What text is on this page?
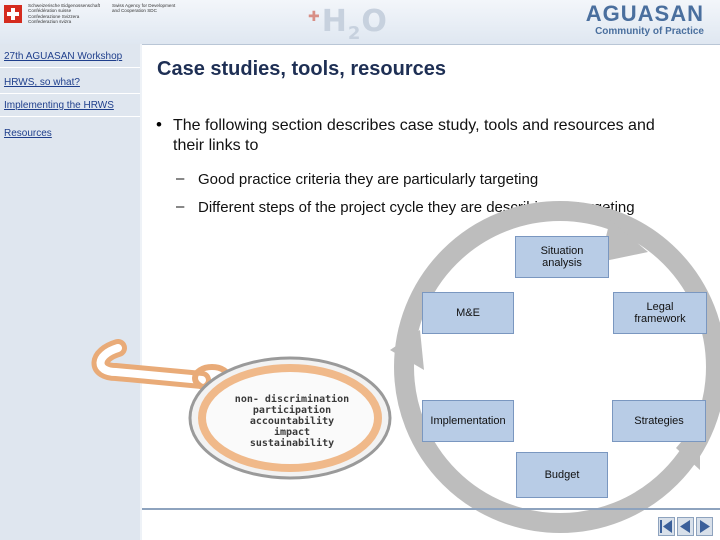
Schweizerische Eidgenossenschaft
Confédération suisse
Confederazione Svizzera
Confederaziun svizra
Swiss Agency for Development
and Cooperation SDC	$^✚H_2O$	AGUASAN
Community of Practice
27th AGUASAN Workshop
HRWS, so what?
Implementing the HRWS
Resources
Case studies, tools, resources
• The following section describes case study, tools and resources and their links to
– Good practice criteria they are particularly targeting
– Different steps of the project cycle they are describing or targeting
non- discrimination
participation
accountability
impact
sustainability
Situation analysis
M&E	Legal framework
Implementation	Strategies
Budget
